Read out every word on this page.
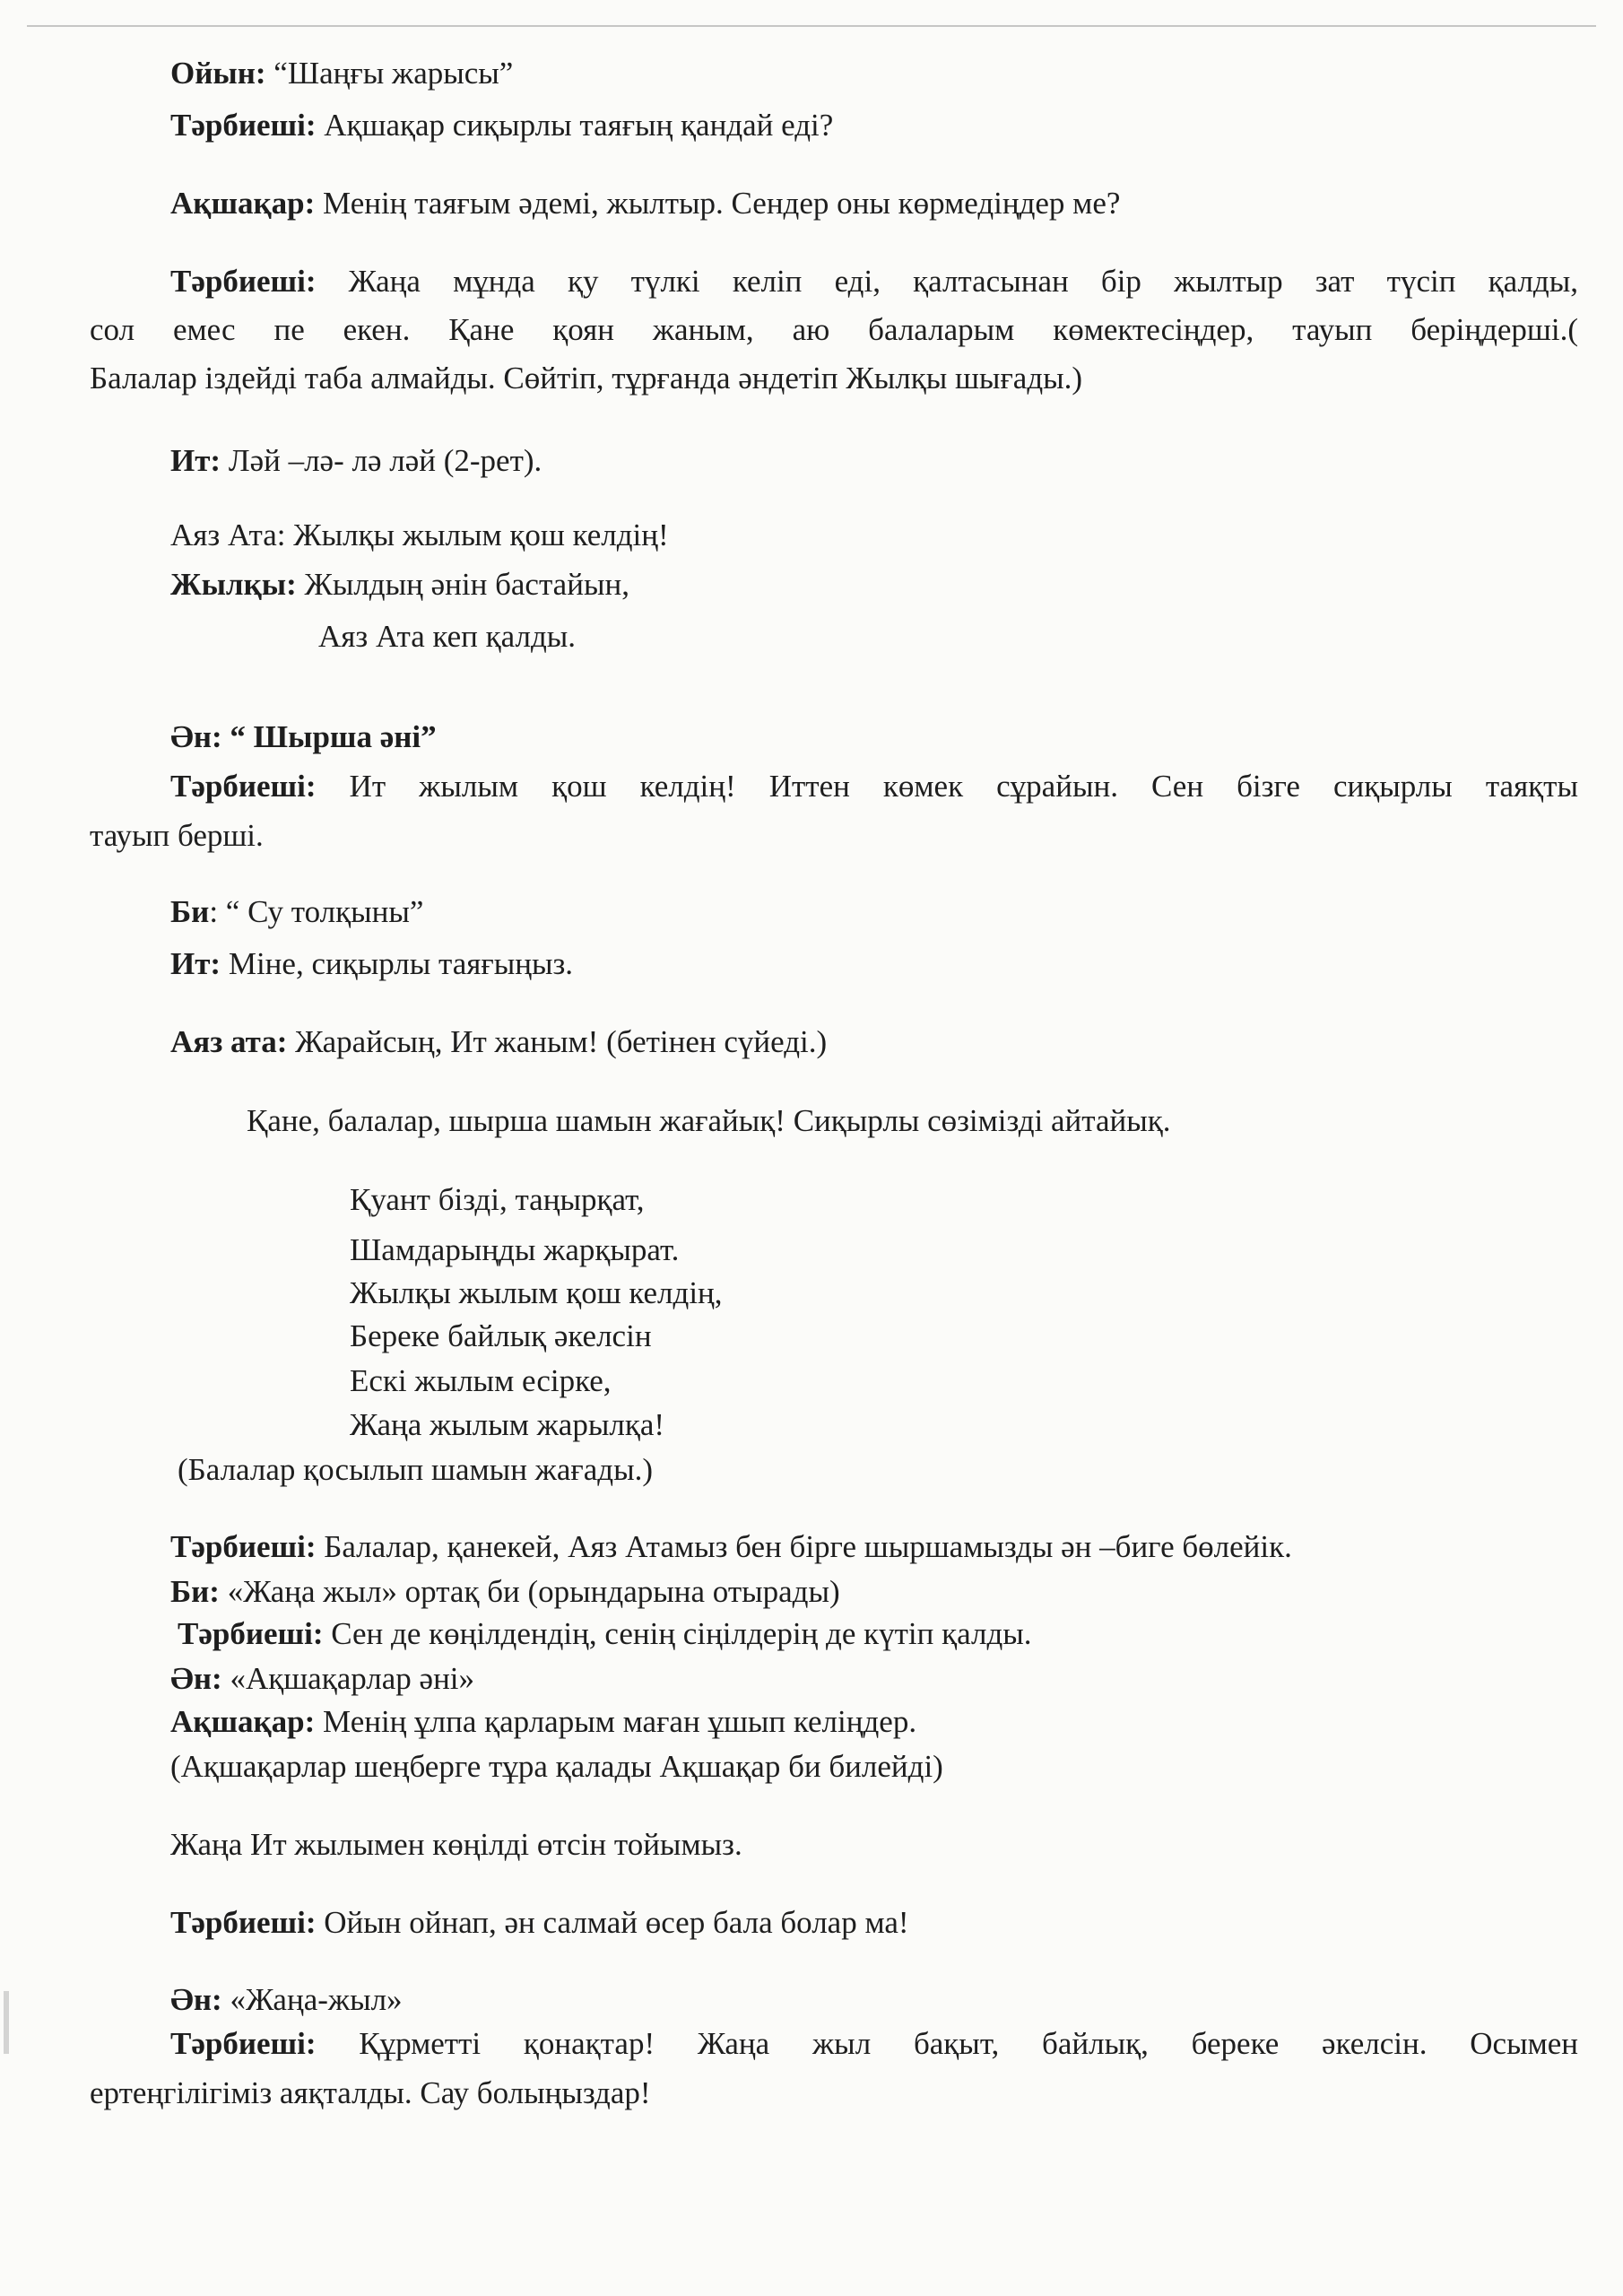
Ойын: “Шаңғы жарысы”
Тәрбиеші: Ақшақар сиқырлы таяғың қандай еді?
Ақшақар: Менің таяғым әдемі, жылтыр. Сендер оны көрмедіңдер ме?
Тәрбиеші: Жаңа мұнда қу түлкі келіп еді, қалтасынан бір жылтыр зат түсіп қалды,
сол емес пе екен. Қане қоян жаным, аю балаларым көмектесіңдер, тауып беріңдерші.(
Балалар іздейді таба алмайды. Сөйтіп, тұрғанда әндетіп Жылқы шығады.)
Ит: Ләй –лә- лә ләй (2-рет).
Аяз Ата: Жылқы жылым қош келдің!
Жылқы: Жылдың әнін бастайын,
Аяз Ата кеп қалды.
Ән: “ Шырша әні”
Тәрбиеші: Ит жылым қош келдің! Иттен көмек сұрайын. Сен бізге сиқырлы таяқты
тауып берші.
Би: “ Су толқыны”
Ит: Міне, сиқырлы таяғыңыз.
Аяз ата: Жарайсың, Ит жаным! (бетінен сүйеді.)
Қане, балалар, шырша шамын жағайық! Сиқырлы сөзімізді айтайық.
Қуант бізді, таңырқат,
Шамдарыңды жарқырат.
Жылқы жылым қош келдің,
Береке байлық әкелсін
Ескі жылым есірке,
Жаңа жылым жарылқа!
(Балалар қосылып шамын жағады.)
Тәрбиеші: Балалар, қанекей, Аяз Атамыз бен бірге шыршамызды ән –биге бөлейік.
Би: «Жаңа жыл» ортақ би (орындарына отырады)
Тәрбиеші: Сен де көңілдендің, сенің сіңілдерің де күтіп қалды.
Ән: «Ақшақарлар әні»
Ақшақар: Менің ұлпа қарларым маған ұшып келіңдер.
(Ақшақарлар шеңберге тұра қалады Ақшақар би билейді)
Жаңа Ит жылымен көңілді өтсін тойымыз.
Тәрбиеші: Ойын ойнап, ән салмай өсер бала болар ма!
Ән: «Жаңа-жыл»
Тәрбиеші: Құрметті қонақтар! Жаңа жыл бақыт, байлық, береке әкелсін. Осымен
ертеңгілігіміз аяқталды. Сау болыңыздар!
